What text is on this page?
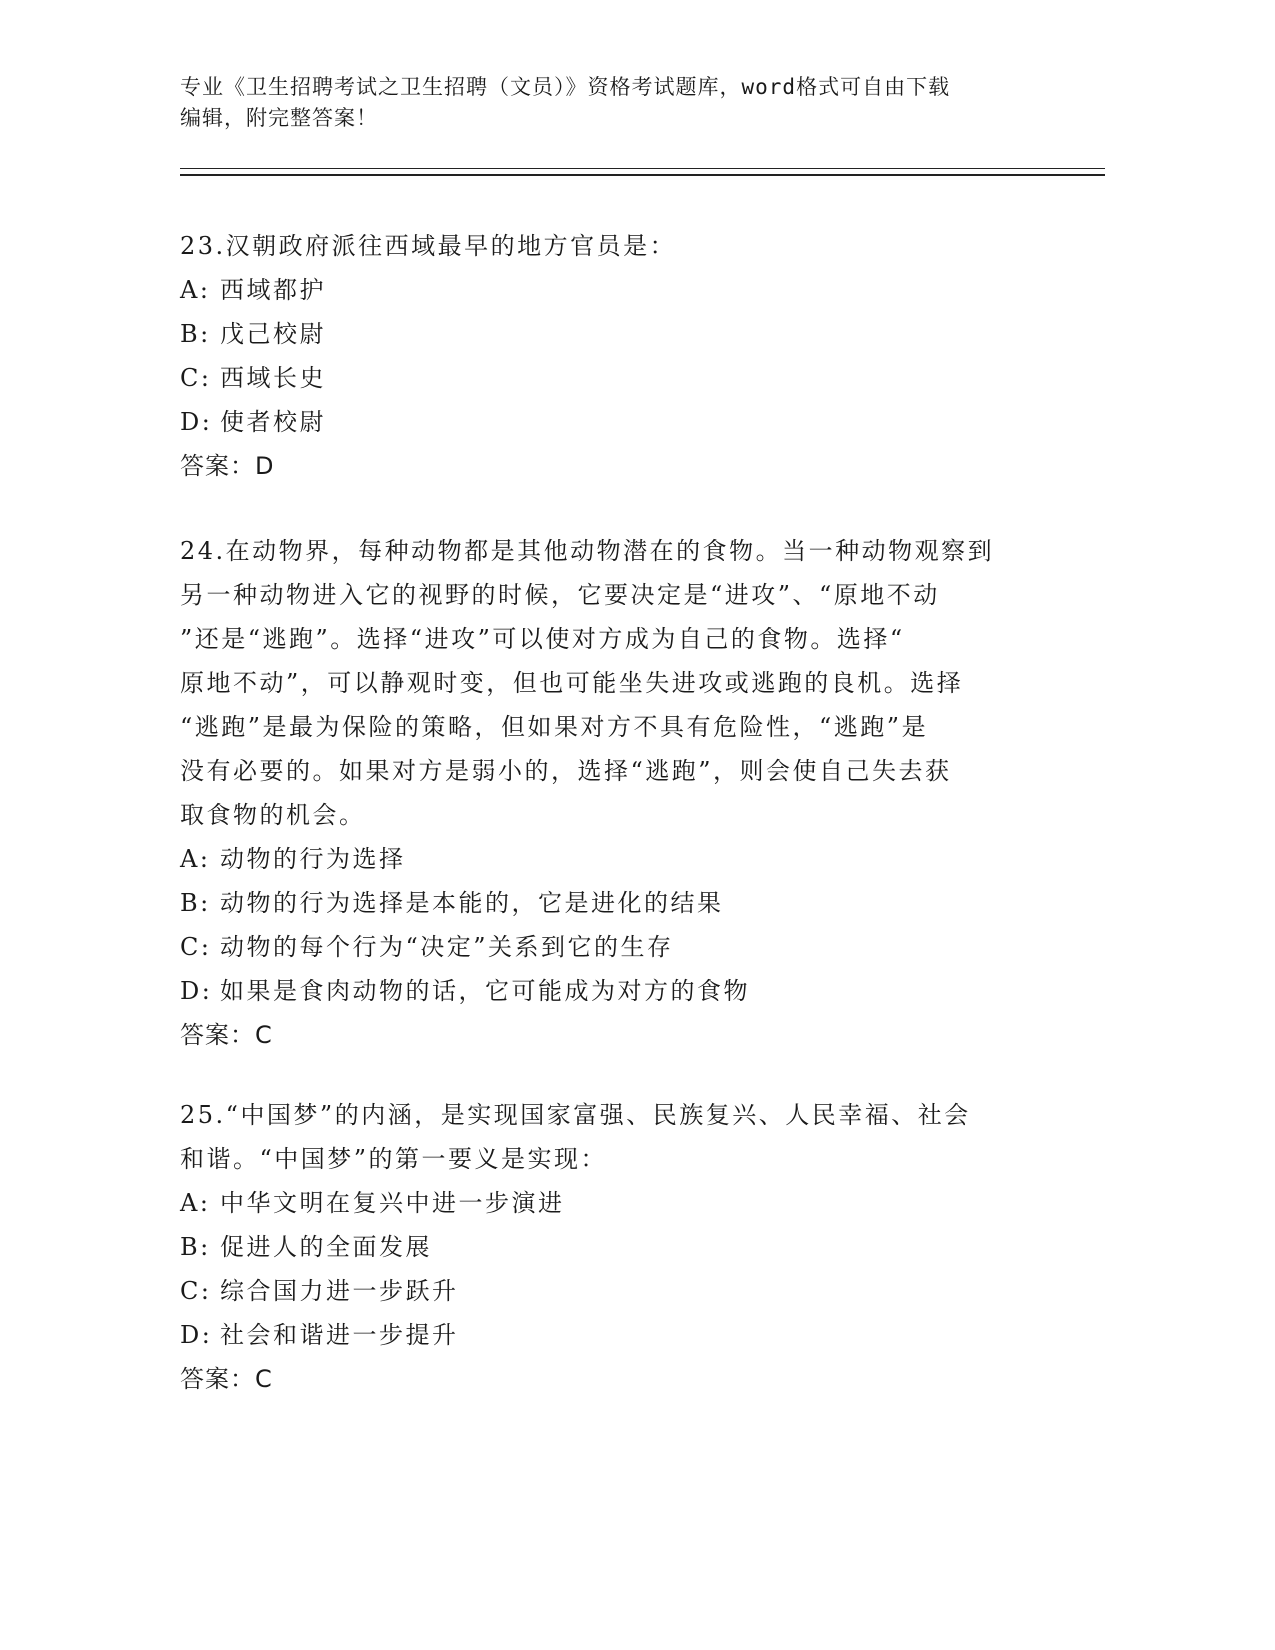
专业《卫生招聘考试之卫生招聘（文员）》资格考试题库，word格式可自由下载
编辑，附完整答案！

23.汉朝政府派往西域最早的地方官员是：

A: 西域都护

B: 戊己校尉

C: 西域长史

D: 使者校尉

答案：D

24.在动物界，每种动物都是其他动物潜在的食物。当一种动物观察到

另一种动物进入它的视野的时候，它要决定是“进攻”、“原地不动

”还是“逃跑”。选择“进攻”可以使对方成为自己的食物。选择“

原地不动”，可以静观时变，但也可能坐失进攻或逃跑的良机。选择

“逃跑”是最为保险的策略，但如果对方不具有危险性，“逃跑”是

没有必要的。如果对方是弱小的，选择“逃跑”，则会使自己失去获

取食物的机会。

A: 动物的行为选择

B: 动物的行为选择是本能的，它是进化的结果

C: 动物的每个行为“决定”关系到它的生存

D: 如果是食肉动物的话，它可能成为对方的食物

答案：C

25.“中国梦”的内涵，是实现国家富强、民族复兴、人民幸福、社会

和谐。“中国梦”的第一要义是实现：

A: 中华文明在复兴中进一步演进

B: 促进人的全面发展

C: 综合国力进一步跃升

D: 社会和谐进一步提升

答案：C
